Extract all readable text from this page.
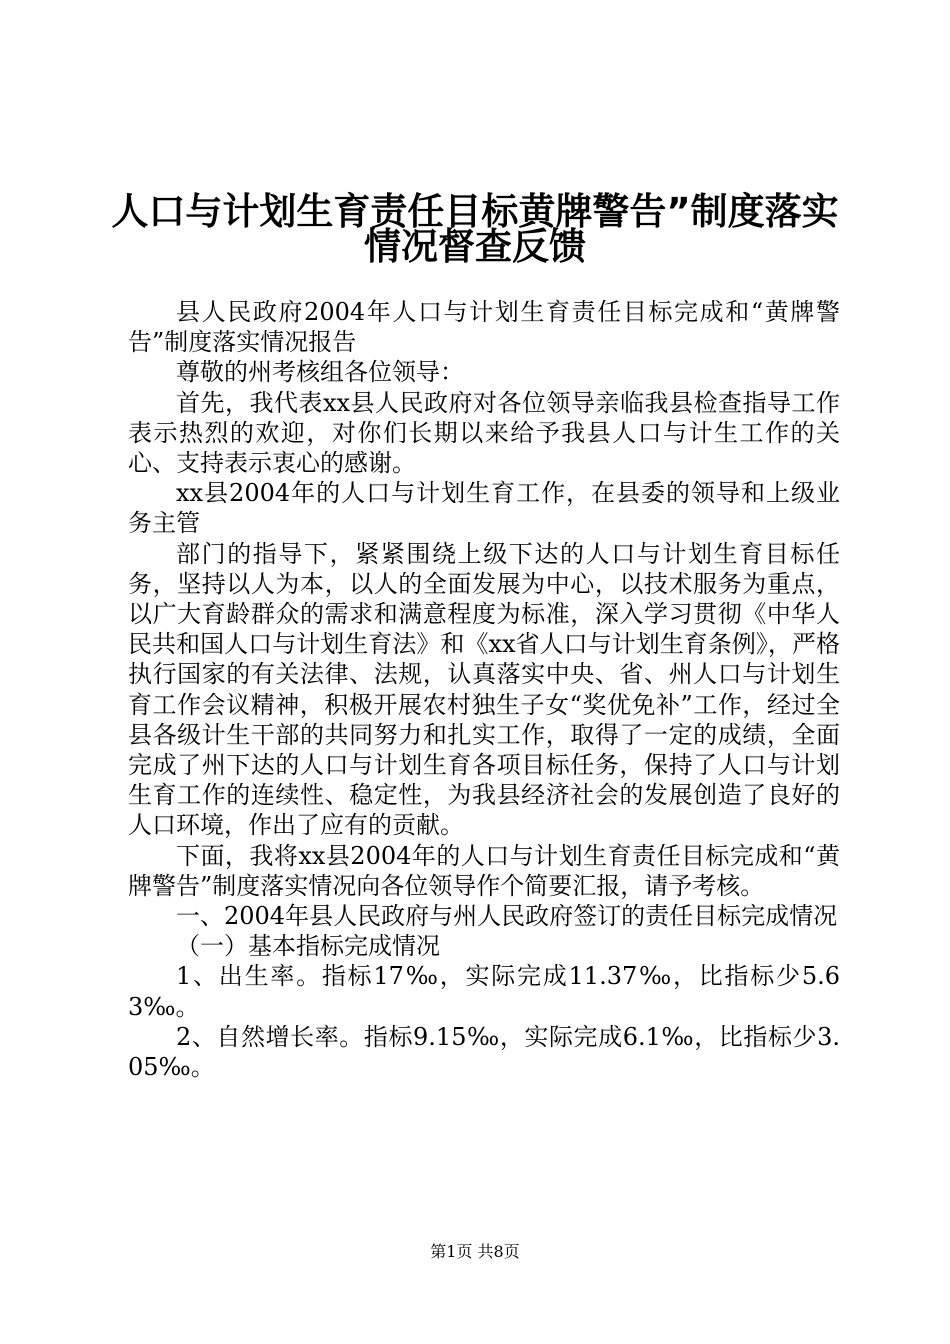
人口与计划生育责任目标黄牌警告”制度落实
情况督查反馈

县人民政府2004年人口与计划生育责任目标完成和“黄牌警告”制度落实情况报告

尊敬的州考核组各位领导：

首先，我代表xx县人民政府对各位领导亲临我县检查指导工作表示热烈的欢迎，对你们长期以来给予我县人口与计生工作的关心、支持表示衷心的感谢。

xx县2004年的人口与计划生育工作，在县委的领导和上级业务主管

部门的指导下，紧紧围绕上级下达的人口与计划生育目标任务，坚持以人为本，以人的全面发展为中心，以技术服务为重点，以广大育龄群众的需求和满意程度为标准，深入学习贯彻《中华人民共和国人口与计划生育法》和《xx省人口与计划生育条例》，严格执行国家的有关法律、法规，认真落实中央、省、州人口与计划生育工作会议精神，积极开展农村独生子女“奖优免补”工作，经过全县各级计生干部的共同努力和扎实工作，取得了一定的成绩，全面完成了州下达的人口与计划生育各项目标任务，保持了人口与计划生育工作的连续性、稳定性，为我县经济社会的发展创造了良好的人口环境，作出了应有的贡献。

下面，我将xx县2004年的人口与计划生育责任目标完成和“黄牌警告”制度落实情况向各位领导作个简要汇报，请予考核。

一、2004年县人民政府与州人民政府签订的责任目标完成情况

（一）基本指标完成情况

1、出生率。指标17‰，实际完成11.37‰，比指标少5.63‰。

2、自然增长率。指标9.15‰，实际完成6.1‰，比指标少3.05‰。

第1页 共8页
